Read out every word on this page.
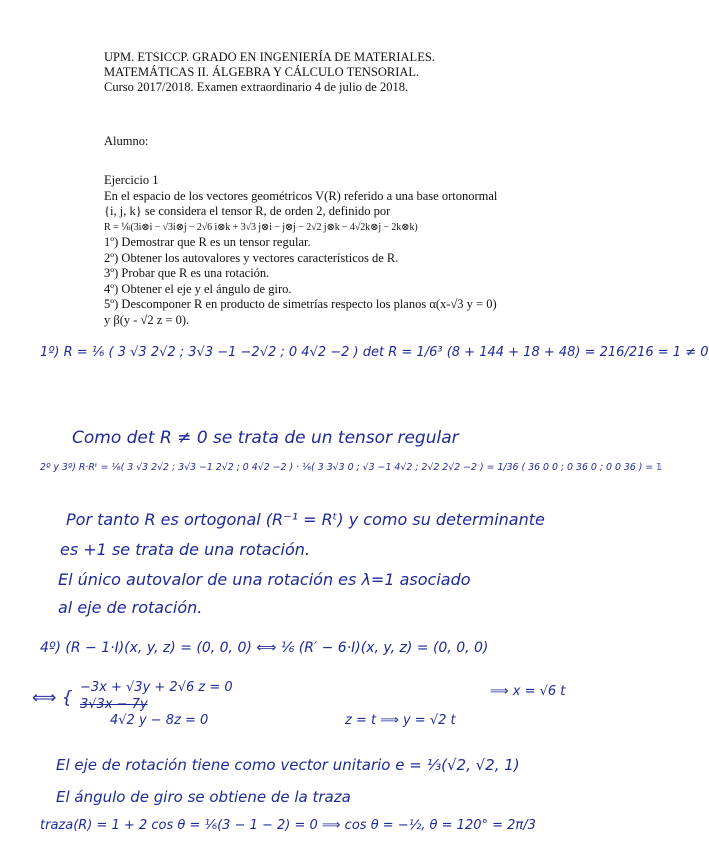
UPM. ETSICCP. GRADO EN INGENIERÍA DE MATERIALES.
MATEMÁTICAS II. ÁLGEBRA Y CÁLCULO TENSORIAL.
Curso 2017/2018. Examen extraordinario 4 de julio de 2018.
Alumno:
Ejercicio 1
En el espacio de los vectores geométricos V(R) referido a una base ortonormal
{i, j, k} se considera el tensor R, de orden 2, definido por
R = ⅙(3i⊗i − √3i⊗j − 2√6 i⊗k + 3√3 j⊗i − j⊗j − 2√2 j⊗k − 4√2k⊗j − 2k⊗k)
1º) Demostrar que R es un tensor regular.
2º) Obtener los autovalores y vectores característicos de R.
3º) Probar que R es una rotación.
4º) Obtener el eje y el ángulo de giro.
5º) Descomponer R en producto de simetrías respecto los planos α(x-√3 y = 0)
y β(y - √2 z = 0).
1º) R = ⅙ ( 3 √3 2√2 ; 3√3 −1 −2√2 ; 0 4√2 −2 ) det R = 1/6³ (8 + 144 + 18 + 48) = 216/216 = 1 ≠ 0
Como det R ≠ 0 se trata de un tensor regular
2º y 3º) R·Rᵗ = ⅙( 3 √3 2√2 ; 3√3 −1 2√2 ; 0 4√2 −2 ) · ⅙( 3 3√3 0 ; √3 −1 4√2 ; 2√2 2√2 −2 ) = 1/36 ( 36 0 0 ; 0 36 0 ; 0 0 36 ) = 𝟙
Por tanto R es ortogonal (R⁻¹ = Rᵗ) y como su determinante
es +1 se trata de una rotación.
El único autovalor de una rotación es λ=1 asociado
al eje de rotación.
4º) (R − 1·I)(x, y, z) = (0, 0, 0) ⟺ ⅙ (R′ − 6·I)(x, y, z) = (0, 0, 0)
⟺ {
−3x + √3y + 2√6 z = 0
3√3x − 7y
4√2 y − 8z = 0	z = t ⟹ y = √2 t
⟹ x = √6 t
El eje de rotación tiene como vector unitario e = ⅓(√2, √2, 1)
El ángulo de giro se obtiene de la traza
traza(R) = 1 + 2 cos θ = ⅙(3 − 1 − 2) = 0 ⟹ cos θ = −½, θ = 120° = 2π/3
